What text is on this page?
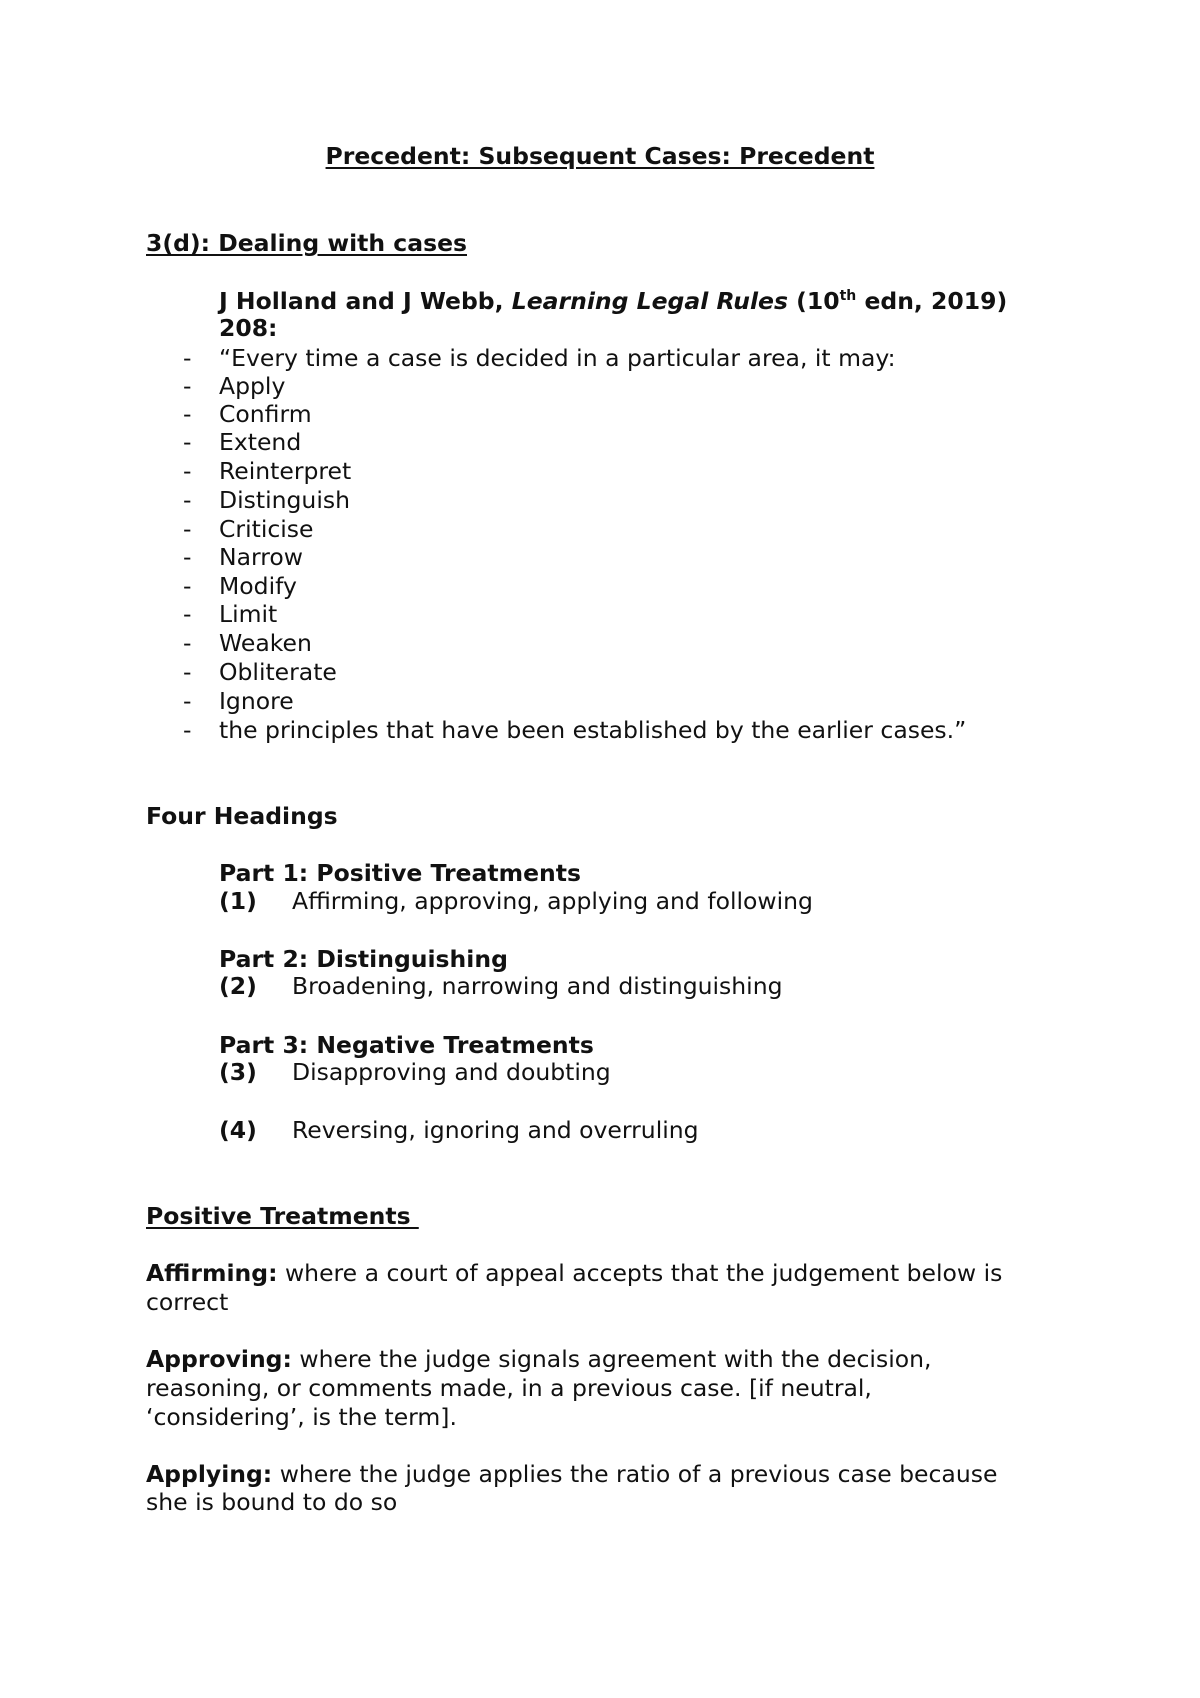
Precedent: Subsequent Cases: Precedent
3(d): Dealing with cases
J Holland and J Webb, Learning Legal Rules (10th edn, 2019)
208:
- “Every time a case is decided in a particular area, it may:
- Apply
- Confirm
- Extend
- Reinterpret
- Distinguish
- Criticise
- Narrow
- Modify
- Limit
- Weaken
- Obliterate
- Ignore
- the principles that have been established by the earlier cases.”
Four Headings
Part 1: Positive Treatments
(1) Affirming, approving, applying and following
Part 2: Distinguishing
(2) Broadening, narrowing and distinguishing
Part 3: Negative Treatments
(3) Disapproving and doubting
(4) Reversing, ignoring and overruling
Positive Treatments
Affirming: where a court of appeal accepts that the judgement below is
correct
Approving: where the judge signals agreement with the decision,
reasoning, or comments made, in a previous case. [if neutral,
‘considering’, is the term].
Applying: where the judge applies the ratio of a previous case because
she is bound to do so
